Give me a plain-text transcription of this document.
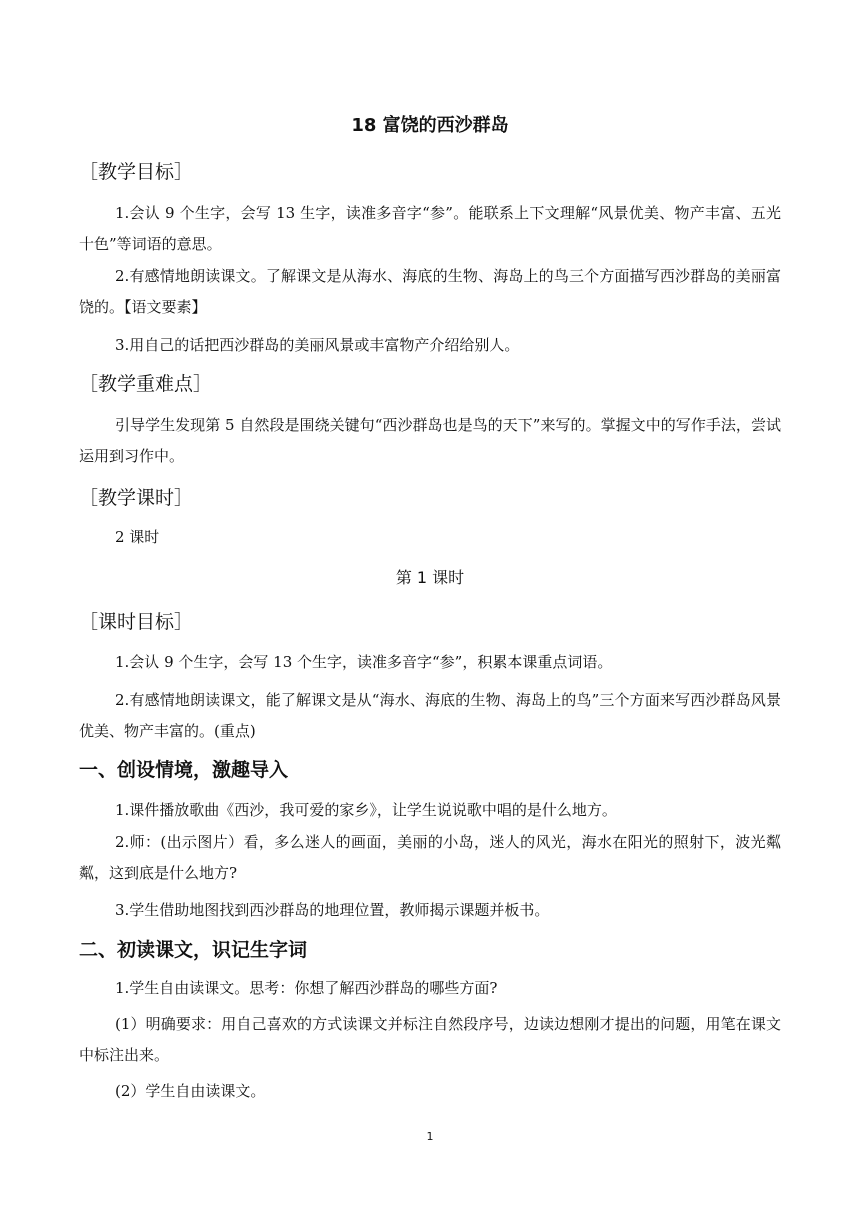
18 富饶的西沙群岛
［教学目标］
1.会认 9 个生字，会写 13 生字，读准多音字“参”。能联系上下文理解“风景优美、物产丰富、五光十色”等词语的意思。
2.有感情地朗读课文。了解课文是从海水、海底的生物、海岛上的鸟三个方面描写西沙群岛的美丽富饶的。【语文要素】
3.用自己的话把西沙群岛的美丽风景或丰富物产介绍给别人。
［教学重难点］
引导学生发现第 5 自然段是围绕关键句“西沙群岛也是鸟的天下”来写的。掌握文中的写作手法，尝试运用到习作中。
［教学课时］
2 课时
第 1 课时
［课时目标］
1.会认 9 个生字，会写 13 个生字，读准多音字“参”，积累本课重点词语。
2.有感情地朗读课文，能了解课文是从“海水、海底的生物、海岛上的鸟”三个方面来写西沙群岛风景优美、物产丰富的。(重点)
一、创设情境，激趣导入
1.课件播放歌曲《西沙，我可爱的家乡》，让学生说说歌中唱的是什么地方。
2.师：(出示图片）看，多么迷人的画面，美丽的小岛，迷人的风光，海水在阳光的照射下，波光粼粼，这到底是什么地方?
3.学生借助地图找到西沙群岛的地理位置，教师揭示课题并板书。
二、初读课文，识记生字词
1.学生自由读课文。思考：你想了解西沙群岛的哪些方面?
(1）明确要求：用自己喜欢的方式读课文并标注自然段序号，边读边想刚才提出的问题，用笔在课文中标注出来。
(2）学生自由读课文。
1
